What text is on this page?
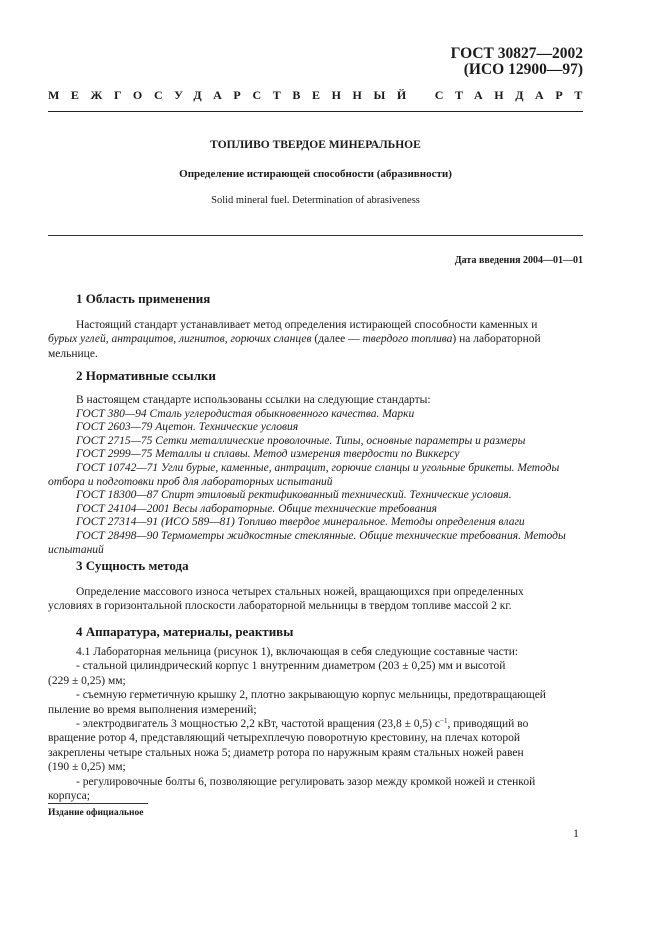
ГОСТ 30827—2002
(ИСО 12900—97)
МЕЖГОСУДАРСТВЕННЫЙ СТАНДАРТ
ТОПЛИВО ТВЕРДОЕ МИНЕРАЛЬНОЕ
Определение истирающей способности (абразивности)
Solid mineral fuel. Determination of abrasiveness
Дата введения 2004—01—01
1 Область применения
Настоящий стандарт устанавливает метод определения истирающей способности каменных и
бурых углей, антрацитов, лигнитов, горючих сланцев (далее — твердого топлива) на лабораторной
мельнице.
2 Нормативные ссылки
В настоящем стандарте использованы ссылки на следующие стандарты:
ГОСТ 380—94 Сталь углеродистая обыкновенного качества. Марки
ГОСТ 2603—79 Ацетон. Технические условия
ГОСТ 2715—75 Сетки металлические проволочные. Типы, основные параметры и размеры
ГОСТ 2999—75 Металлы и сплавы. Метод измерения твердости по Виккерсу
ГОСТ 10742—71 Угли бурые, каменные, антрацит, горючие сланцы и угольные брикеты. Методы
отбора и подготовки проб для лабораторных испытаний
ГОСТ 18300—87 Спирт этиловый ректификованный технический. Технические условия.
ГОСТ 24104—2001 Весы лабораторные. Общие технические требования
ГОСТ 27314—91 (ИСО 589—81) Топливо твердое минеральное. Методы определения влаги
ГОСТ 28498—90 Термометры жидкостные стеклянные. Общие технические требования. Методы
испытаний
3 Сущность метода
Определение массового износа четырех стальных ножей, вращающихся при определенных
условиях в горизонтальной плоскости лабораторной мельницы в твердом топливе массой 2 кг.
4 Аппаратура, материалы, реактивы
4.1 Лабораторная мельница (рисунок 1), включающая в себя следующие составные части:
- стальной цилиндрический корпус 1 внутренним диаметром (203 ± 0,25) мм и высотой
(229 ± 0,25) мм;
- съемную герметичную крышку 2, плотно закрывающую корпус мельницы, предотвращающей
пыление во время выполнения измерений;
- электродвигатель 3 мощностью 2,2 кВт, частотой вращения (23,8 ± 0,5) $с^{-1}$, приводящий во
вращение ротор 4, представляющий четырехплечую поворотную крестовину, на плечах которой
закреплены четыре стальных ножа 5; диаметр ротора по наружным краям стальных ножей равен
(190 ± 0,25) мм;
- регулировочные болты 6, позволяющие регулировать зазор между кромкой ножей и стенкой
корпуса;
Издание официальное
1
